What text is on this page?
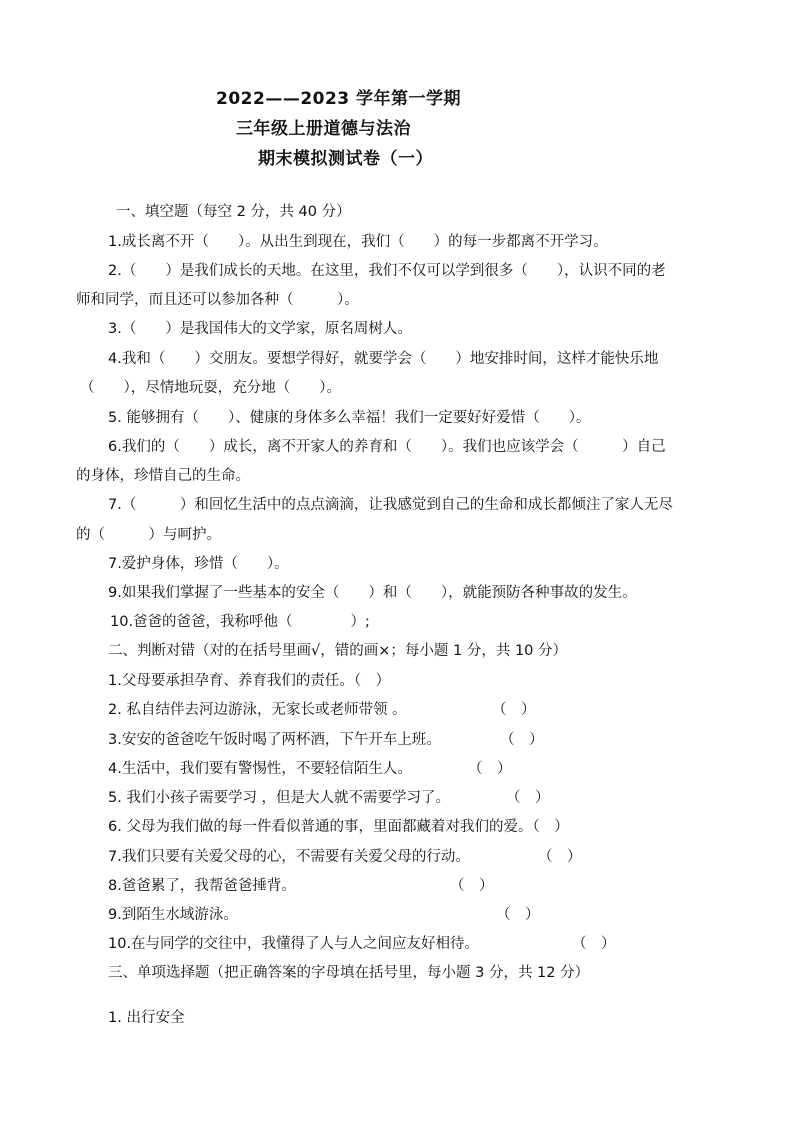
2022——2023 学年第一学期
三年级上册道德与法治
期末模拟测试卷（一）
一、填空题（每空 2 分，共 40 分）
1.成长离不开（　　）。从出生到现在，我们（　　）的每一步都离不开学习。
2.（　　）是我们成长的天地。在这里，我们不仅可以学到很多（　　），认识不同的老
师和同学，而且还可以参加各种（　　　）。
3.（　　）是我国伟大的文学家，原名周树人。
4.我和（　　）交朋友。要想学得好，就要学会（　　）地安排时间，这样才能快乐地
（　　），尽情地玩耍，充分地（　　）。
5. 能够拥有（　　）、健康的身体多么幸福！我们一定要好好爱惜（　　）。
6.我们的（　　）成长，离不开家人的养育和（　　）。我们也应该学会（　　　）自己
的身体，珍惜自己的生命。
7.（　　　）和回忆生活中的点点滴滴，让我感觉到自己的生命和成长都倾注了家人无尽
的（　　　）与呵护。
7.爱护身体，珍惜（　　）。
9.如果我们掌握了一些基本的安全（　　）和（　　），就能预防各种事故的发生。
10.爸爸的爸爸，我称呼他（　　　　）;
二、判断对错（对的在括号里画√，错的画×；每小题 1 分，共 10 分）
1.父母要承担孕育、养育我们的责任。（　）
2. 私自结伴去河边游泳，无家长或老师带领 。	（　）
3.安安的爸爸吃午饭时喝了两杯酒，下午开车上班。	（　）
4.生活中，我们要有警惕性，不要轻信陌生人。	（　）
5. 我们小孩子需要学习 ，但是大人就不需要学习了。	（　）
6. 父母为我们做的每一件看似普通的事，里面都藏着对我们的爱。（　）
7.我们只要有关爱父母的心，不需要有关爱父母的行动。	（　）
8.爸爸累了，我帮爸爸捶背。	（　）
9.到陌生水域游泳。	（　）
10.在与同学的交往中，我懂得了人与人之间应友好相待。	（　）
三、单项选择题（把正确答案的字母填在括号里，每小题 3 分，共 12 分）
1. 出行安全
